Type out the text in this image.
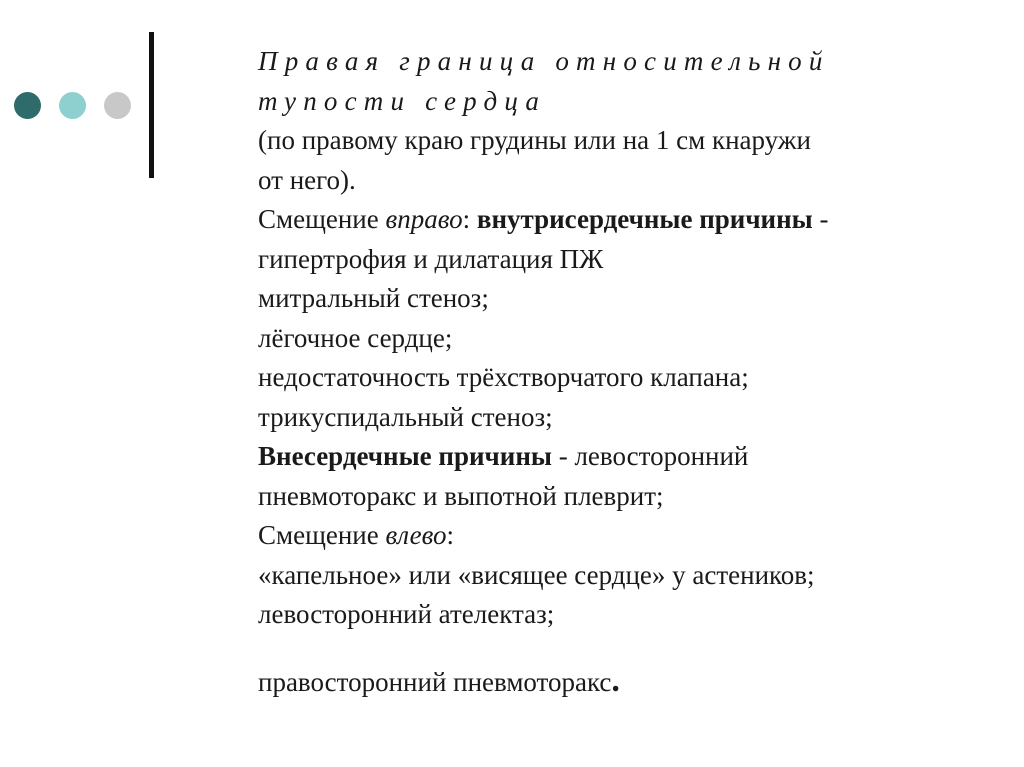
Правая граница относительной
тупости сердца
(по правому краю грудины или на 1 см кнаружи
от него).
Смещение вправо: внутрисердечные причины -
гипертрофия и дилатация ПЖ
митральный стеноз;
лёгочное сердце;
недостаточность трёхстворчатого клапана;
трикуспидальный стеноз;
Внесердечные причины - левосторонний
пневмоторакс и выпотной плеврит;
Смещение влево:
«капельное» или «висящее сердце» у астеников;
левосторонний ателектаз;
правосторонний пневмоторакс.
